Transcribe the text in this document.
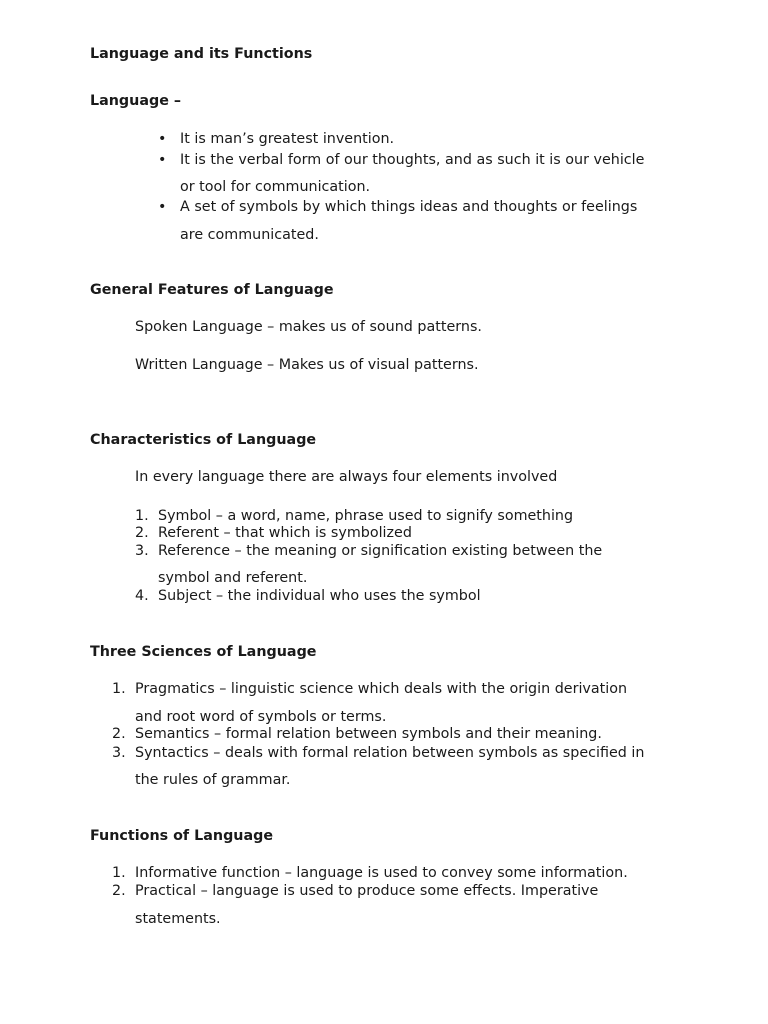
Language and its Functions
Language –
• It is man’s greatest invention.
• It is the verbal form of our thoughts, and as such it is our vehicle
or tool for communication.
• A set of symbols by which things ideas and thoughts or feelings
are communicated.
General Features of Language
Spoken Language – makes us of sound patterns.
Written Language – Makes us of visual patterns.
Characteristics of Language
In every language there are always four elements involved
1. Symbol – a word, name, phrase used to signify something
2. Referent – that which is symbolized
3. Reference – the meaning or signification existing between the
symbol and referent.
4. Subject – the individual who uses the symbol
Three Sciences of Language
1. Pragmatics – linguistic science which deals with the origin derivation
and root word of symbols or terms.
2. Semantics – formal relation between symbols and their meaning.
3. Syntactics – deals with formal relation between symbols as specified in
the rules of grammar.
Functions of Language
1. Informative function – language is used to convey some information.
2. Practical – language is used to produce some effects. Imperative
statements.
